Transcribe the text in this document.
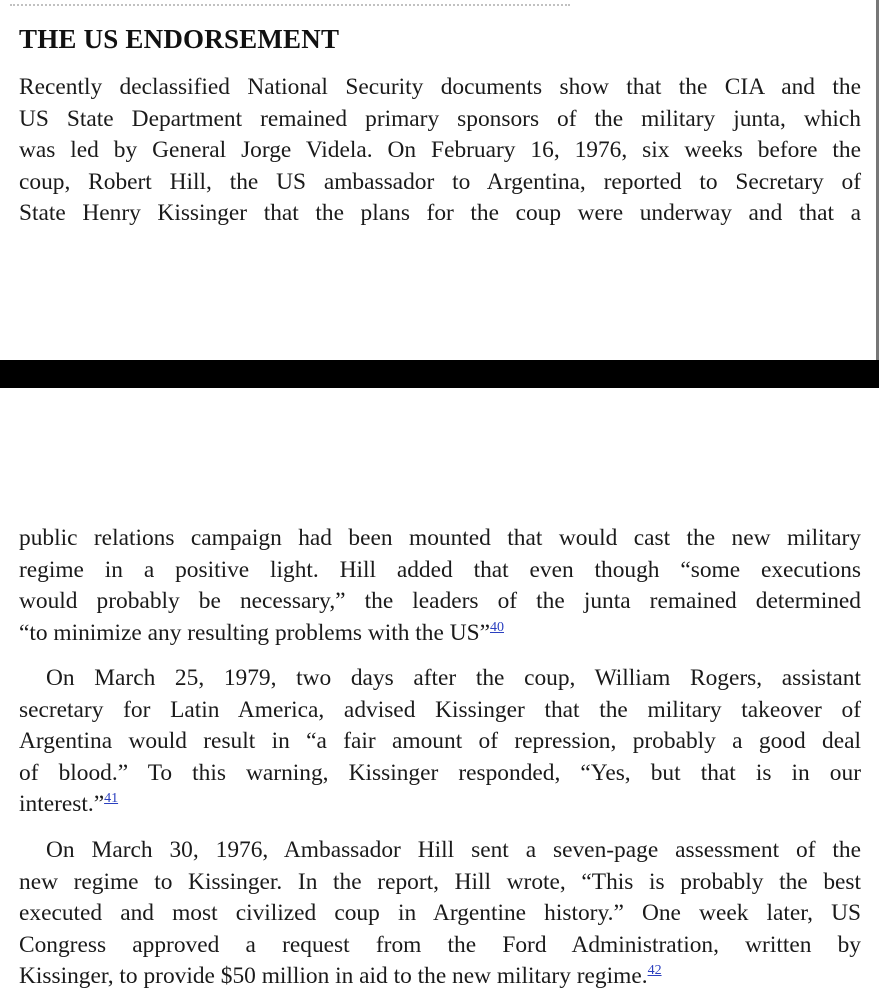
THE US ENDORSEMENT
Recently declassified National Security documents show that the CIA and the
US State Department remained primary sponsors of the military junta, which
was led by General Jorge Videla. On February 16, 1976, six weeks before the
coup, Robert Hill, the US ambassador to Argentina, reported to Secretary of
State Henry Kissinger that the plans for the coup were underway and that a
public relations campaign had been mounted that would cast the new military
regime in a positive light. Hill added that even though “some executions
would probably be necessary,” the leaders of the junta remained determined
“to minimize any resulting problems with the US”$^{40}$
On March 25, 1979, two days after the coup, William Rogers, assistant
secretary for Latin America, advised Kissinger that the military takeover of
Argentina would result in “a fair amount of repression, probably a good deal
of blood.” To this warning, Kissinger responded, “Yes, but that is in our
interest.”$^{41}$
On March 30, 1976, Ambassador Hill sent a seven-page assessment of the
new regime to Kissinger. In the report, Hill wrote, “This is probably the best
executed and most civilized coup in Argentine history.” One week later, US
Congress approved a request from the Ford Administration, written by
Kissinger, to provide $50 million in aid to the new military regime.$^{42}$
